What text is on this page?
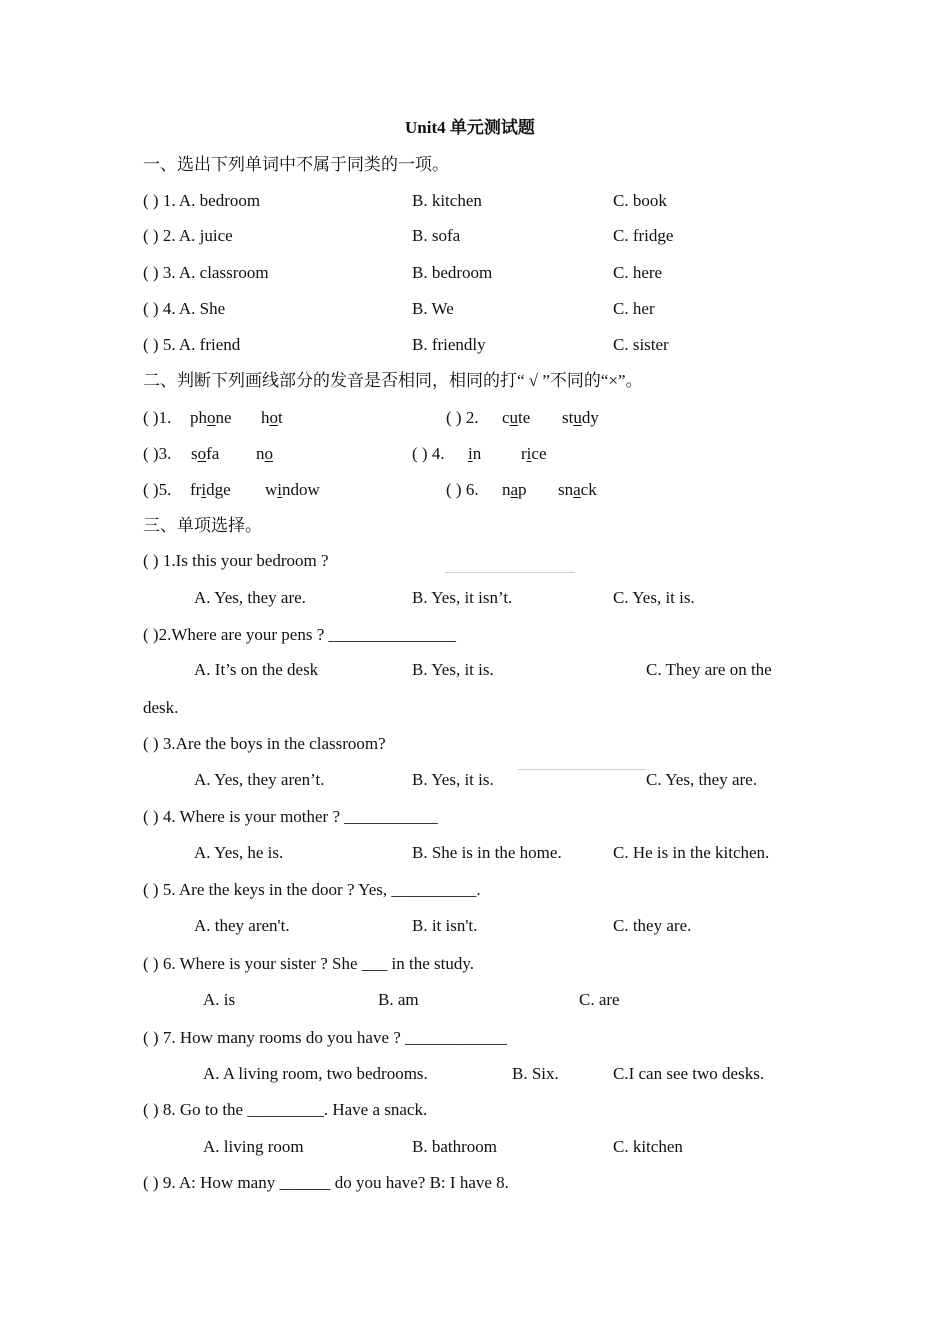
Unit4 单元测试题
一、选出下列单词中不属于同类的一项。
( ) 1. A. bedroom	B. kitchen	C. book
( ) 2. A. juice	B. sofa	C. fridge
( ) 3. A. classroom	B. bedroom	C. here
( ) 4. A. She	B. We	C. her
( ) 5. A. friend	B. friendly	C. sister
二、判断下列画线部分的发音是否相同，相同的打“ √ ”不同的“×”。
( )1. phone hot	( ) 2. cute study
( )3. sofa no	( ) 4. in rice
( )5. fridge window	( ) 6. nap snack
三、单项选择。
( ) 1.Is this your bedroom ?
A. Yes, they are.	B. Yes, it isn’t.	C. Yes, it is.
( )2.Where are your pens ? _______________
A. It’s on the desk	B. Yes, it is.	C. They are on the
desk.
( ) 3.Are the boys in the classroom?
A. Yes, they aren’t.	B. Yes, it is.	C. Yes, they are.
( ) 4. Where is your mother ? ___________
A. Yes, he is.	B. She is in the home.	C. He is in the kitchen.
( ) 5. Are the keys in the door ? Yes, __________.
A. they aren't.	B. it isn't.	C. they are.
( ) 6. Where is your sister ? She ___ in the study.
A. is	B. am	C. are
( ) 7. How many rooms do you have ? ____________
A. A living room, two bedrooms.	B. Six.	C.I can see two desks.
( ) 8. Go to the _________. Have a snack.
A. living room	B. bathroom	C. kitchen
( ) 9. A: How many ______ do you have? B: I have 8.
